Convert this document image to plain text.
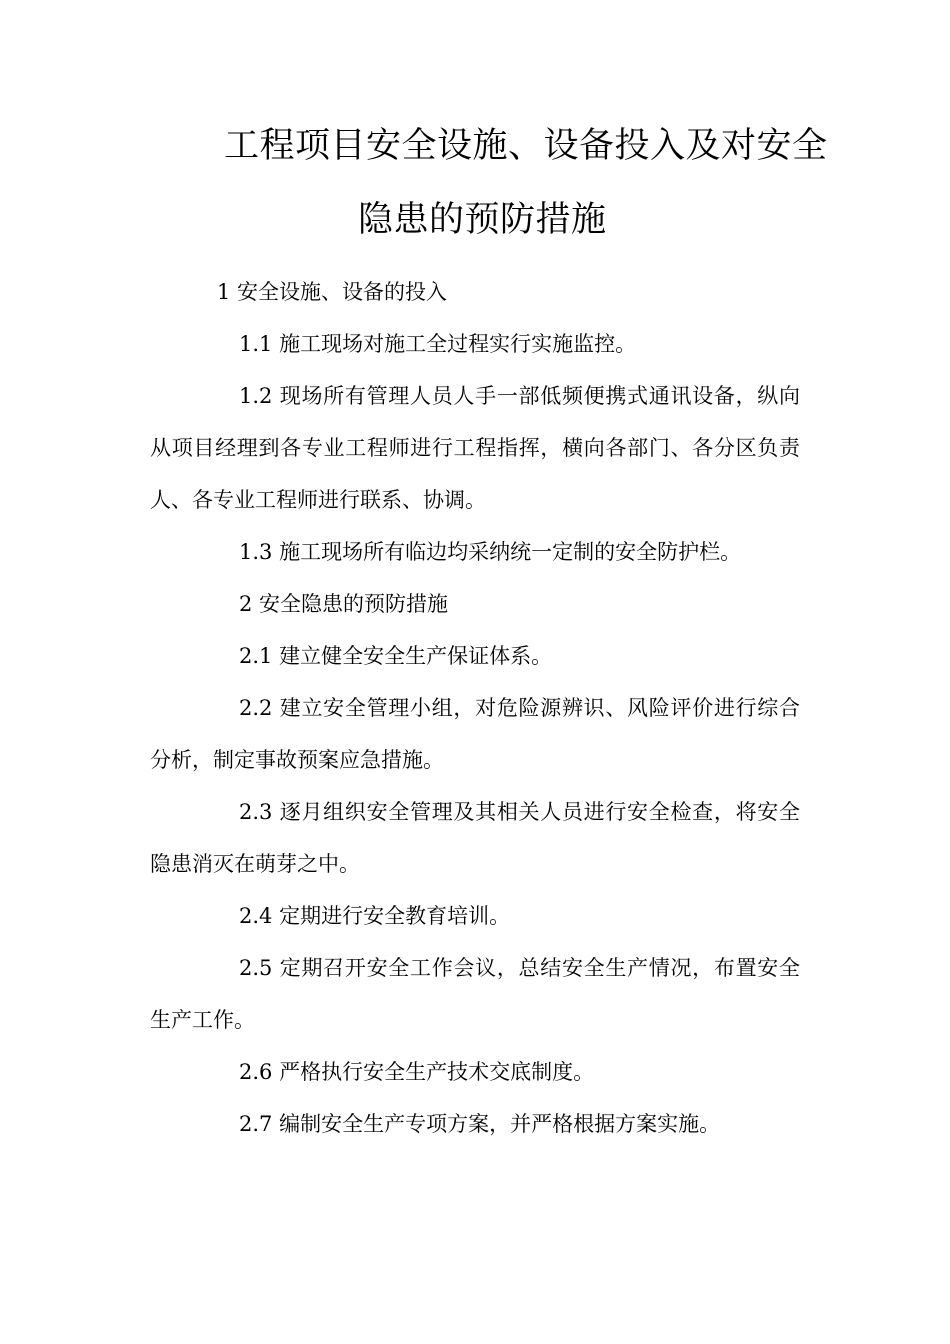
工程项目安全设施、设备投入及对安全
隐患的预防措施

1 安全设施、设备的投入

1.1 施工现场对施工全过程实行实施监控。

1.2 现场所有管理人员人手一部低频便携式通讯设备，纵向从项目经理到各专业工程师进行工程指挥，横向各部门、各分区负责人、各专业工程师进行联系、协调。

1.3 施工现场所有临边均采纳统一定制的安全防护栏。

2 安全隐患的预防措施

2.1 建立健全安全生产保证体系。

2.2 建立安全管理小组，对危险源辨识、风险评价进行综合分析，制定事故预案应急措施。

2.3 逐月组织安全管理及其相关人员进行安全检查，将安全隐患消灭在萌芽之中。

2.4 定期进行安全教育培训。

2.5 定期召开安全工作会议，总结安全生产情况，布置安全生产工作。

2.6 严格执行安全生产技术交底制度。

2.7 编制安全生产专项方案，并严格根据方案实施。
